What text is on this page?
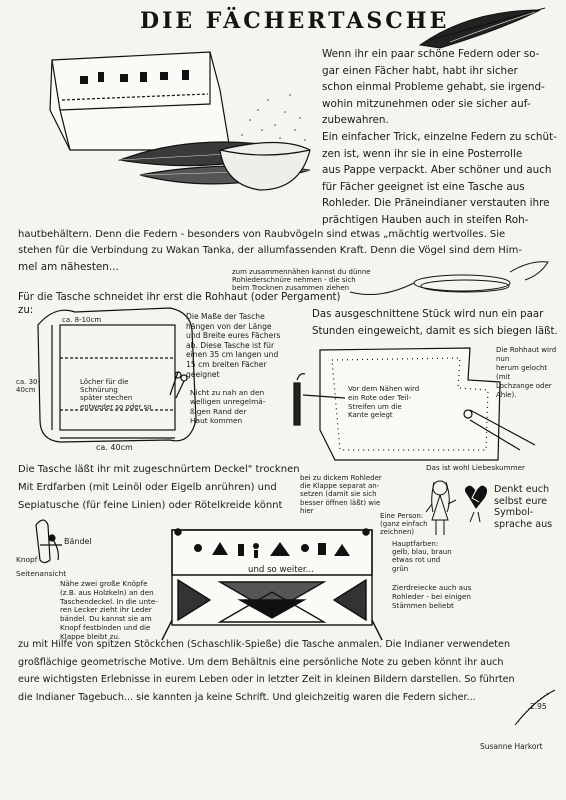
DIE FÄCHERTASCHE
Wenn ihr ein paar schöne Federn oder so-
gar einen Fächer habt, habt ihr sicher
schon einmal Probleme gehabt, sie irgend-
wohin mitzunehmen oder sie sicher auf-
zubewahren.
Ein einfacher Trick, einzelne Federn zu schüt-
zen ist, wenn ihr sie in eine Posterrolle
aus Pappe verpackt. Aber schöner und auch
für Fächer geeignet ist eine Tasche aus
Rohleder. Die Präneindianer verstauten ihre
prächtigen Hauben auch in steifen Roh-
hautbehältern. Denn die Federn - besonders von Raubvögeln sind etwas „mächtig wertvolles. Sie
stehen für die Verbindung zu Wakan Tanka, der allumfassenden Kraft. Denn die Vögel sind dem Him-
mel am nähesten...	zum zusammennähen kannst du dünne
Rohlederschnüre nehmen - die sich
beim Trocknen zusammen ziehen
Für die Tasche schneidet ihr erst die Rohhaut (oder Pergament) zu:
Die Maße der Tasche
hängen von der Länge
und Breite eures Fächers
ab. Diese Tasche ist für
einen 35 cm langen und
15 cm breiten Fächer
geeignet
Nicht zu nah an den
welligen unregelmä-
ßigen Rand der
Haut kommen
Löcher für die
Schnürung
später stechen
entweder so oder so
ca. 8-10cm
ca. 30-40cm
ca. 40cm
Das ausgeschnittene Stück wird nun ein paar
Stunden eingeweicht, damit es sich biegen läßt.
Die Rohhaut wird nun
herum gelocht (mit
Lochzange oder
Ahle).
Vor dem Nähen wird
ein Rote oder Teil-
Streifen um die
Kante gelegt
Die Tasche läßt ihr mit zugeschnürtem Deckel" trocknen
Mit Erdfarben (mit Leinöl oder Eigelb anrühren) und
Sepiatusche (für feine Linien) oder Rötelkreide könnt
bei zu dickem Rohleder
die Klappe separat an-
setzen (damit sie sich
besser öffnen läßt) wie
hier
Eine Person:
(ganz einfach
zeichnen)
Hauptfarben:
gelb, blau, braun
etwas rot und
grün
Das ist wohl Liebeskummer
Denkt euch
selbst eure
Symbol-
sprache aus
Bändel
Knopf
Seitenansicht	und so weiter...
Nähe zwei große Knöpfe
(z.B. aus Holzkeln) an den
Taschendeckel. In die unte-
ren Lecker zieht ihr Leder
bändel. Du kannst sie am
Knopf festbinden und die
Klappe bleibt zu.
Zierdreiecke auch aus
Rohleder - bei einigen
Stämmen beliebt
zu mit Hilfe von spitzen Stöckchen (Schaschlik-Spieße) die Tasche anmalen. Die Indianer verwendeten
großflächige geometrische Motive. Um dem Behältnis eine persönliche Note zu geben könnt ihr auch
eure wichtigsten Erlebnisse in eurem Leben oder in letzter Zeit in kleinen Bildern darstellen. So führten
die Indianer Tagebuch... sie kannten ja keine Schrift. Und gleichzeitig waren die Federn sicher...
2.95
Susanne Harkort
